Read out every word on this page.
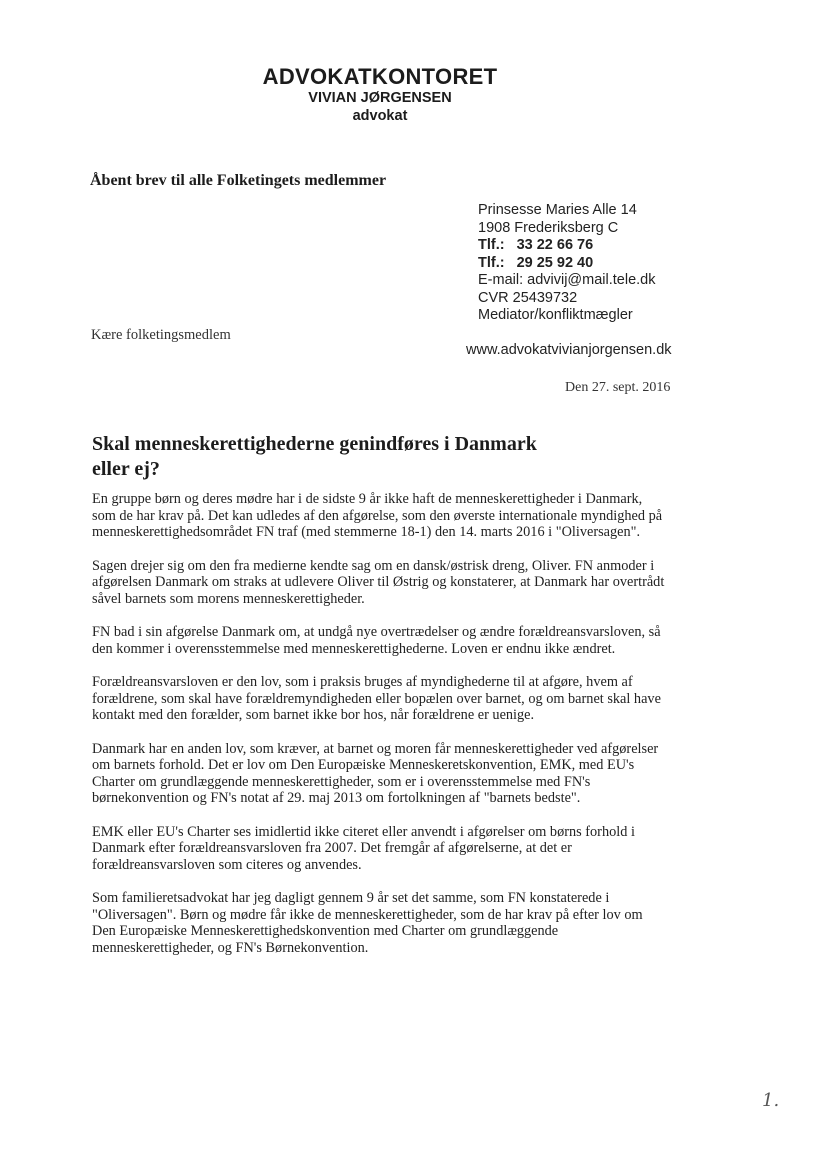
ADVOKATKONTORET
VIVIAN JØRGENSEN
advokat
Åbent brev til alle Folketingets medlemmer
Prinsesse Maries Alle 14
1908 Frederiksberg C
Tlf.: 33 22 66 76
Tlf.: 29 25 92 40
E-mail: advivij@mail.tele.dk
CVR 25439732
Mediator/konfliktmægler
Kære folketingsmedlem
www.advokatvivianjorgensen.dk
Den 27. sept. 2016
Skal menneskerettighederne genindføres i Danmark
eller ej?

En gruppe børn og deres mødre har i de sidste 9 år ikke haft de menneskerettigheder i Danmark,
som de har krav på. Det kan udledes af den afgørelse, som den øverste internationale myndighed på
menneskerettighedsområdet FN traf (med stemmerne 18-1) den 14. marts 2016 i "Oliversagen".

Sagen drejer sig om den fra medierne kendte sag om en dansk/østrisk dreng, Oliver. FN anmoder i
afgørelsen Danmark om straks at udlevere Oliver til Østrig og konstaterer, at Danmark har overtrådt
såvel barnets som morens menneskerettigheder.

FN bad i sin afgørelse Danmark om, at undgå nye overtrædelser og ændre forældreansvarsloven, så
den kommer i overensstemmelse med menneskerettighederne. Loven er endnu ikke ændret.

Forældreansvarsloven er den lov, som i praksis bruges af myndighederne til at afgøre, hvem af
forældrene, som skal have forældremyndigheden eller bopælen over barnet, og om barnet skal have
kontakt med den forælder, som barnet ikke bor hos, når forældrene er uenige.

Danmark har en anden lov, som kræver, at barnet og moren får menneskerettigheder ved afgørelser
om barnets forhold. Det er lov om Den Europæiske Menneskeretskonvention, EMK, med EU's
Charter om grundlæggende menneskerettigheder, som er i overensstemmelse med FN's
børnekonvention og FN's notat af 29. maj 2013 om fortolkningen af "barnets bedste".

EMK eller EU's Charter ses imidlertid ikke citeret eller anvendt i afgørelser om børns forhold i
Danmark efter forældreansvarsloven fra 2007. Det fremgår af afgørelserne, at det er
forældreansvarsloven som citeres og anvendes.

Som familieretsadvokat har jeg dagligt gennem 9 år set det samme, som FN konstaterede i
"Oliversagen". Børn og mødre får ikke de menneskerettigheder, som de har krav på efter lov om
Den Europæiske Menneskerettighedskonvention med Charter om grundlæggende
menneskerettigheder, og FN's Børnekonvention.

1.
